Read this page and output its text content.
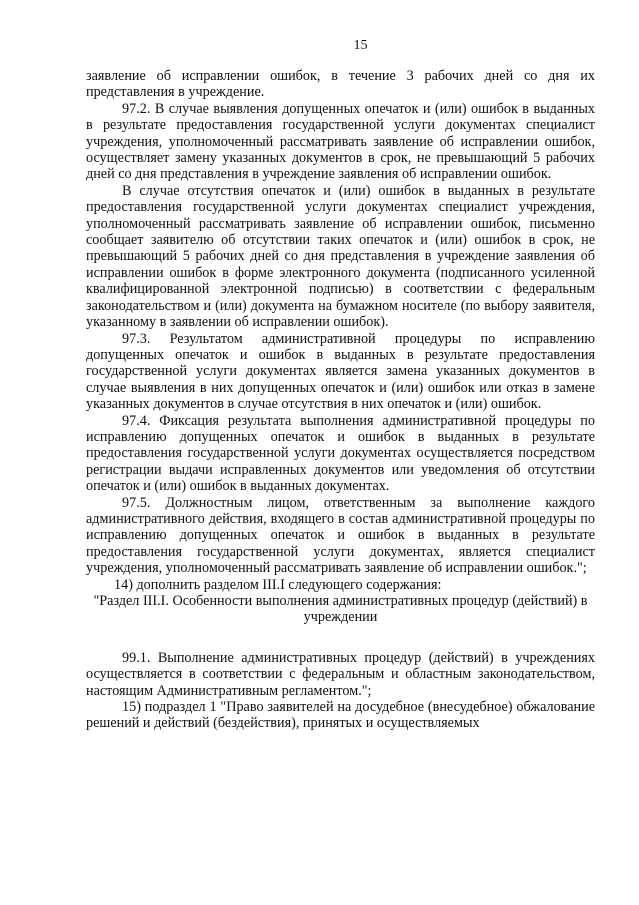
15

заявление об исправлении ошибок, в течение 3 рабочих дней со дня их представления в учреждение.

97.2. В случае выявления допущенных опечаток и (или) ошибок в выданных в результате предоставления государственной услуги документах специалист учреждения, уполномоченный рассматривать заявление об исправлении ошибок, осуществляет замену указанных документов в срок, не превышающий 5 рабочих дней со дня представления в учреждение заявления об исправлении ошибок.

В случае отсутствия опечаток и (или) ошибок в выданных в результате предоставления государственной услуги документах специалист учреждения, уполномоченный рассматривать заявление об исправлении ошибок, письменно сообщает заявителю об отсутствии таких опечаток и (или) ошибок в срок, не превышающий 5 рабочих дней со дня представления в учреждение заявления об исправлении ошибок в форме электронного документа (подписанного усиленной квалифицированной электронной подписью) в соответствии с федеральным законодательством и (или) документа на бумажном носителе (по выбору заявителя, указанному в заявлении об исправлении ошибок).

97.3. Результатом административной процедуры по исправлению допущенных опечаток и ошибок в выданных в результате предоставления государственной услуги документах является замена указанных документов в случае выявления в них допущенных опечаток и (или) ошибок или отказ в замене указанных документов в случае отсутствия в них опечаток и (или) ошибок.

97.4. Фиксация результата выполнения административной процедуры по исправлению допущенных опечаток и ошибок в выданных в результате предоставления государственной услуги документах осуществляется посредством регистрации выдачи исправленных документов или уведомления об отсутствии опечаток и (или) ошибок в выданных документах.

97.5. Должностным лицом, ответственным за выполнение каждого административного действия, входящего в состав административной процедуры по исправлению допущенных опечаток и ошибок в выданных в результате предоставления государственной услуги документах, является специалист учреждения, уполномоченный рассматривать заявление об исправлении ошибок.";

14) дополнить разделом III.I следующего содержания:

"Раздел III.I. Особенности выполнения административных процедур (действий) в учреждении

99.1. Выполнение административных процедур (действий) в учреждениях осуществляется в соответствии с федеральным и областным законодательством, настоящим Административным регламентом.";

15) подраздел 1 "Право заявителей на досудебное (внесудебное) обжалование решений и действий (бездействия), принятых и осуществляемых
